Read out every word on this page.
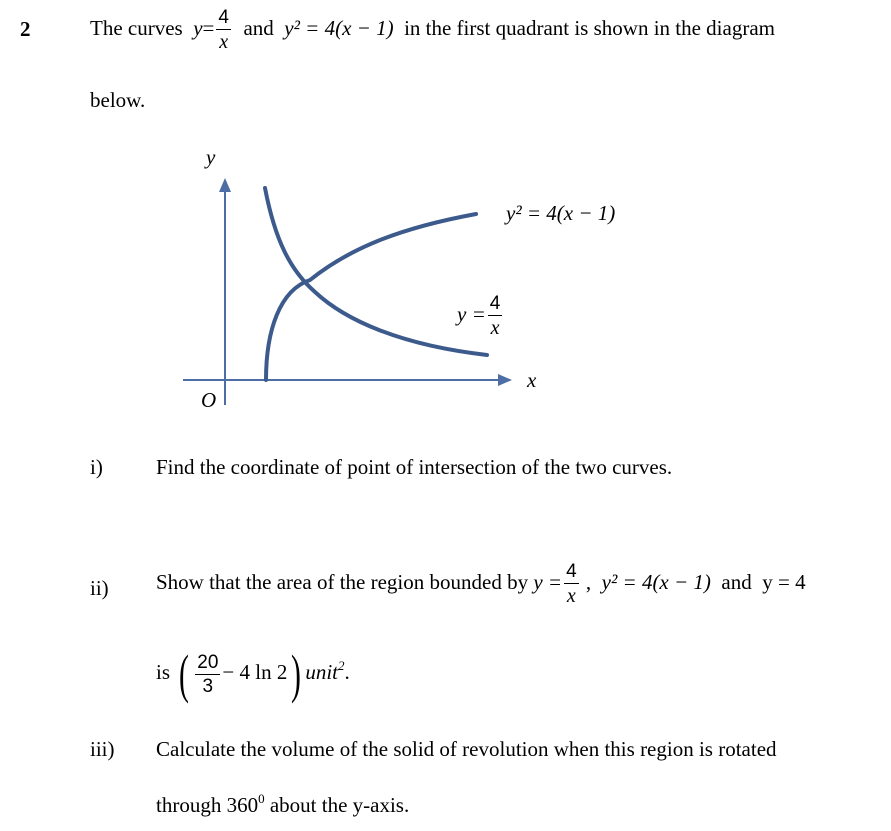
2	The curves $y= \frac{4}{x}$ and y² = 4(x − 1) in the first quadrant is shown in the diagram
below.
y
x
O
y² = 4(x − 1)
$y = \frac{4}{x}$
i)	Find the coordinate of point of intersection of the two curves.
ii) Show that the area of the region bounded by $y = \frac{4}{x}$ , y² = 4(x − 1) and y = 4
is ( $\frac{20}{3} - 4$ ln 2) unit$^2$.
iii) Calculate the volume of the solid of revolution when this region is rotated
through $360^0$ about the y-axis.
